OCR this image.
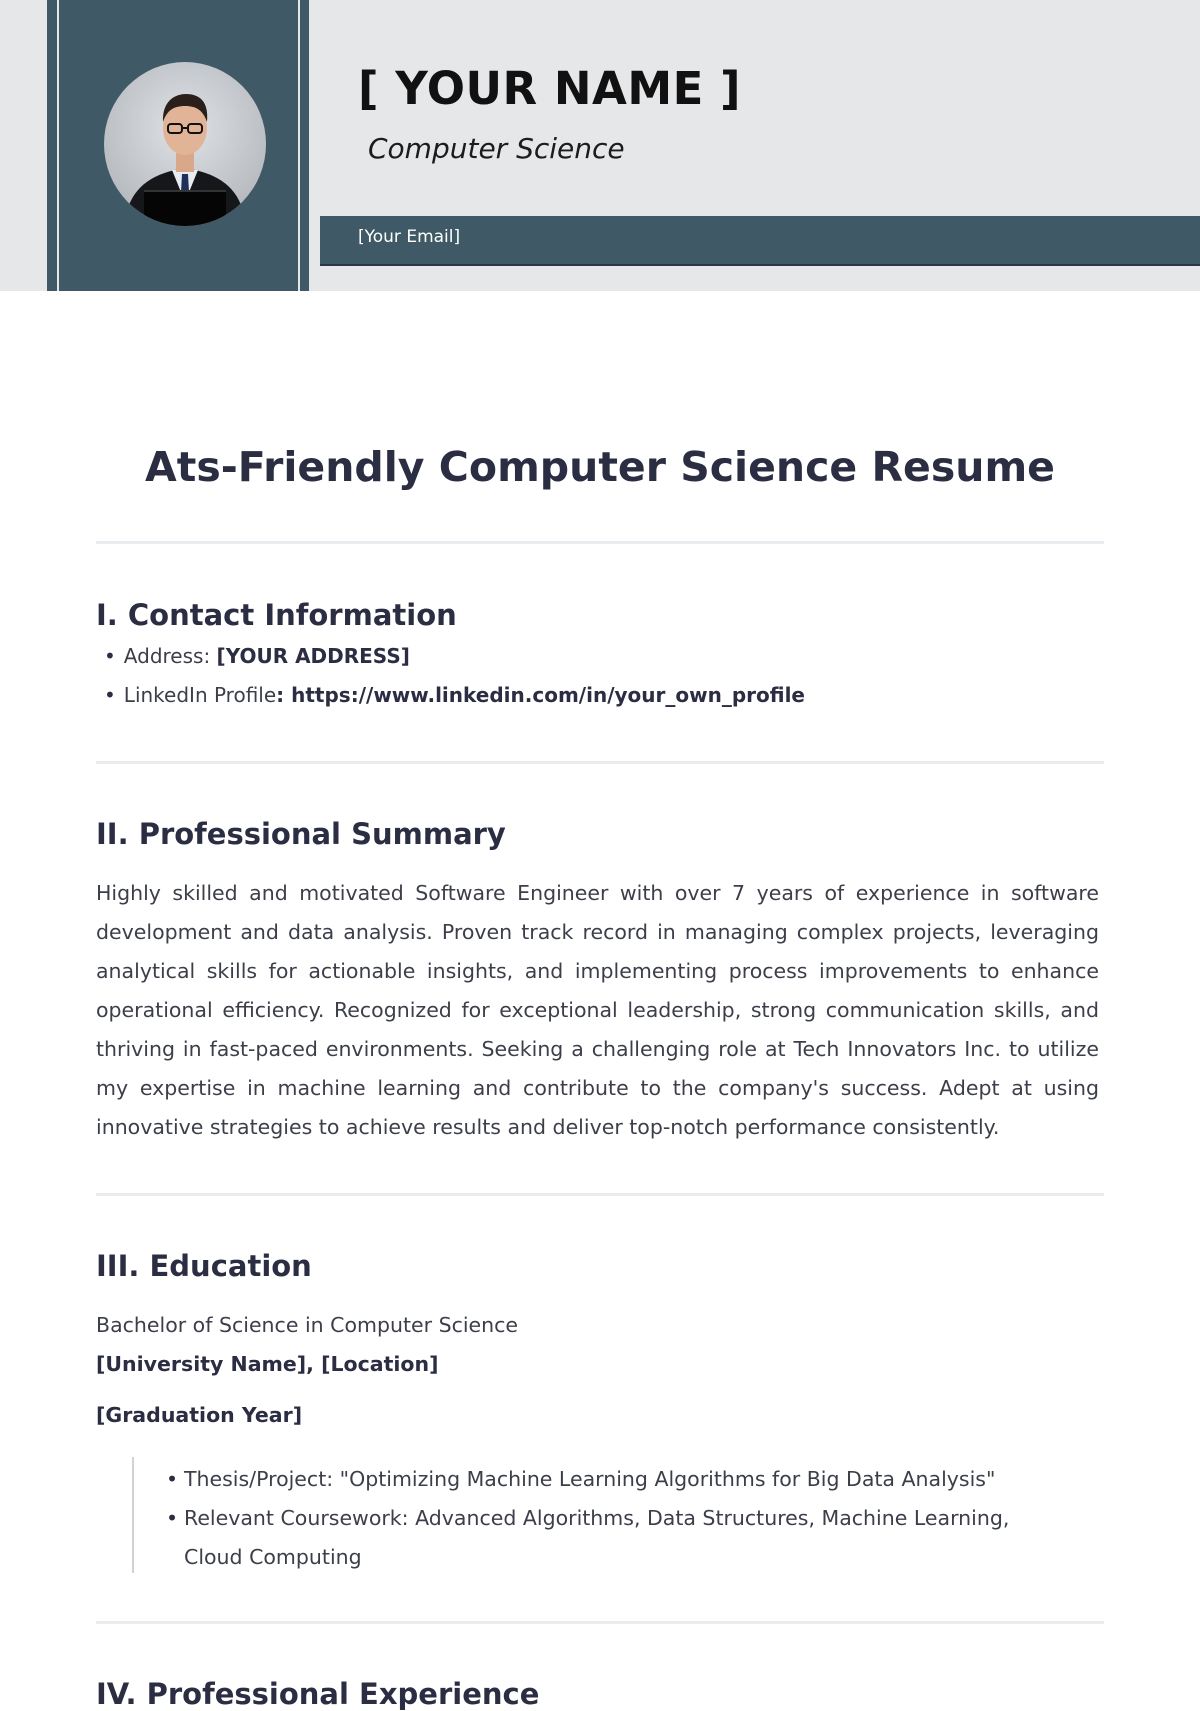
[ YOUR NAME ]

Computer Science

[Your Email]
Ats-Friendly Computer Science Resume
I. Contact Information
• Address: [YOUR ADDRESS]
• LinkedIn Profile: https://www.linkedin.com/in/your_own_profile
II. Professional Summary

Highly skilled and motivated Software Engineer with over 7 years of experience in software development and data analysis. Proven track record in managing complex projects, leveraging analytical skills for actionable insights, and implementing process improvements to enhance operational efficiency. Recognized for exceptional leadership, strong communication skills, and thriving in fast-paced environments. Seeking a challenging role at Tech Innovators Inc. to utilize my expertise in machine learning and contribute to the company's success. Adept at using innovative strategies to achieve results and deliver top-notch performance consistently.

III. Education

Bachelor of Science in Computer Science

[University Name], [Location]

[Graduation Year]

• Thesis/Project: "Optimizing Machine Learning Algorithms for Big Data Analysis"
• Relevant Coursework: Advanced Algorithms, Data Structures, Machine Learning, Cloud Computing
IV. Professional Experience
